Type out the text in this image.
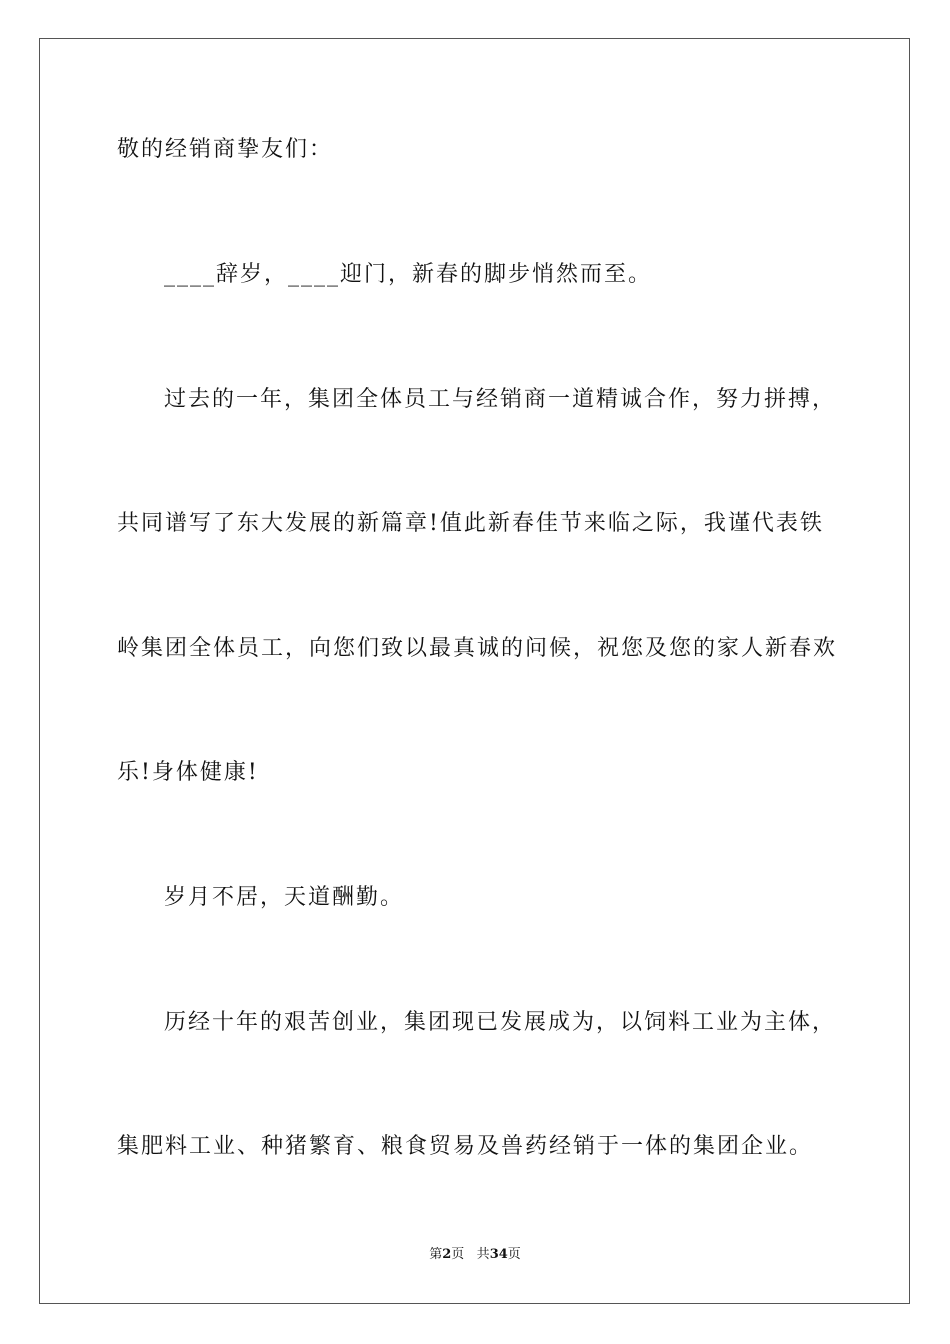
敬的经销商挚友们：
____辞岁，____迎门，新春的脚步悄然而至。
过去的一年，集团全体员工与经销商一道精诚合作，努力拼搏，
共同谱写了东大发展的新篇章!值此新春佳节来临之际，我谨代表铁
岭集团全体员工，向您们致以最真诚的问候，祝您及您的家人新春欢
乐!身体健康!
岁月不居，天道酬勤。
历经十年的艰苦创业，集团现已发展成为，以饲料工业为主体，
集肥料工业、种猪繁育、粮食贸易及兽药经销于一体的集团企业。
第2页 共34页
